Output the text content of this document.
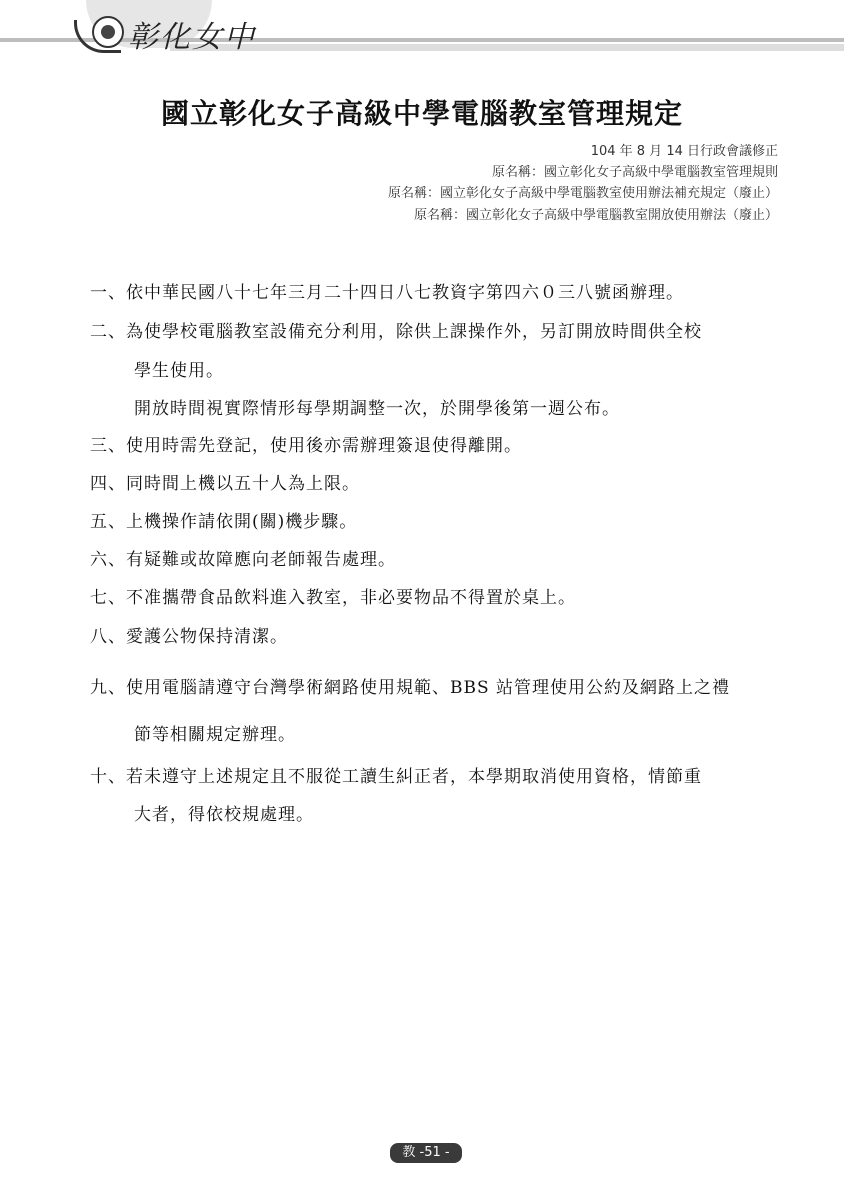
彰化女中
國立彰化女子高級中學電腦教室管理規定
104 年 8 月 14 日行政會議修正
原名稱：國立彰化女子高級中學電腦教室管理規則
原名稱：國立彰化女子高級中學電腦教室使用辦法補充規定（廢止）
原名稱：國立彰化女子高級中學電腦教室開放使用辦法（廢止）
一、依中華民國八十七年三月二十四日八七教資字第四六０三八號函辦理。
二、為使學校電腦教室設備充分利用，除供上課操作外，另訂開放時間供全校
學生使用。
開放時間視實際情形每學期調整一次，於開學後第一週公布。
三、使用時需先登記，使用後亦需辦理簽退使得離開。
四、同時間上機以五十人為上限。
五、上機操作請依開(關)機步驟。
六、有疑難或故障應向老師報告處理。
七、不准攜帶食品飲料進入教室，非必要物品不得置於桌上。
八、愛護公物保持清潔。
九、使用電腦請遵守台灣學術網路使用規範、BBS 站管理使用公約及網路上之禮
節等相關規定辦理。
十、若未遵守上述規定且不服從工讀生糾正者，本學期取消使用資格，情節重
大者，得依校規處理。
教 -51 -
